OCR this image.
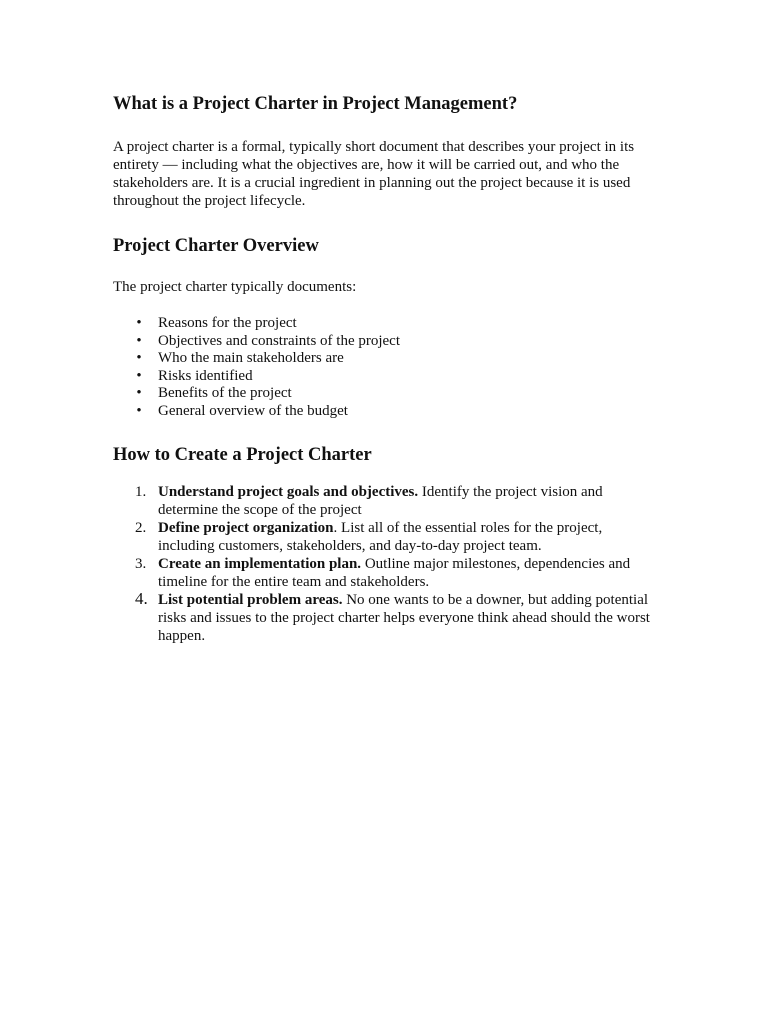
What is a Project Charter in Project Management?

A project charter is a formal, typically short document that describes your project in its entirety — including what the objectives are, how it will be carried out, and who the stakeholders are. It is a crucial ingredient in planning out the project because it is used throughout the project lifecycle.

Project Charter Overview

The project charter typically documents:

• Reasons for the project
• Objectives and constraints of the project
• Who the main stakeholders are
• Risks identified
• Benefits of the project
• General overview of the budget
How to Create a Project Charter
1. Understand project goals and objectives. Identify the project vision and determine the scope of the project
2. Define project organization. List all of the essential roles for the project, including customers, stakeholders, and day-to-day project team.
3. Create an implementation plan. Outline major milestones, dependencies and timeline for the entire team and stakeholders.
4. List potential problem areas. No one wants to be a downer, but adding potential risks and issues to the project charter helps everyone think ahead should the worst happen.
